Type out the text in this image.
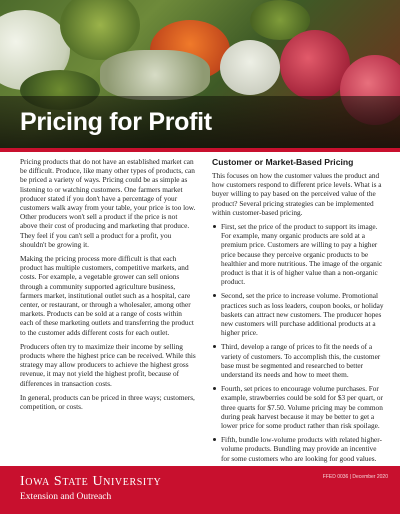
Pricing for Profit

Pricing products that do not have an established market can be difficult. Produce, like many other types of products, can be priced a variety of ways. Pricing could be as simple as listening to or watching customers. One farmers market producer stated if you don't have a percentage of your customers walk away from your table, your price is too low. Other producers won't sell a product if the price is not above their cost of producing and marketing that produce. They feel if you can't sell a product for a profit, you shouldn't be growing it.

Making the pricing process more difficult is that each product has multiple customers, competitive markets, and costs. For example, a vegetable grower can sell onions through a community supported agriculture business, farmers market, institutional outlet such as a hospital, care center, or restaurant, or through a wholesaler, among other markets. Products can be sold at a range of costs within each of these marketing outlets and transferring the product to the customer adds different costs for each outlet.

Producers often try to maximize their income by selling products where the highest price can be received. While this strategy may allow producers to achieve the highest gross revenue, it may not yield the highest profit, because of differences in transaction costs.

In general, products can be priced in three ways; customers, competition, or costs.

Customer or Market-Based Pricing

This focuses on how the customer values the product and how customers respond to different price levels. What is a buyer willing to pay based on the perceived value of the product? Several pricing strategies can be implemented within customer-based pricing.

First, set the price of the product to support its image. For example, many organic products are sold at a premium price. Customers are willing to pay a higher price because they perceive organic products to be healthier and more nutritious. The image of the organic product is that it is of higher value than a non-organic product.
Second, set the price to increase volume. Promotional practices such as loss leaders, coupon books, or holiday baskets can attract new customers. The producer hopes new customers will purchase additional products at a higher price.
Third, develop a range of prices to fit the needs of a variety of customers. To accomplish this, the customer base must be segmented and researched to better understand its needs and how to meet them.
Fourth, set prices to encourage volume purchases. For example, strawberries could be sold for $3 per quart, or three quarts for $7.50. Volume pricing may be common during peak harvest because it may be better to get a lower price for some product rather than risk spoilage.
Fifth, bundle low-volume products with related higher-volume products. Bundling may provide an incentive for some customers who are looking for good values.
Iowa State University
Extension and Outreach
FFED 0036 | December 2020
